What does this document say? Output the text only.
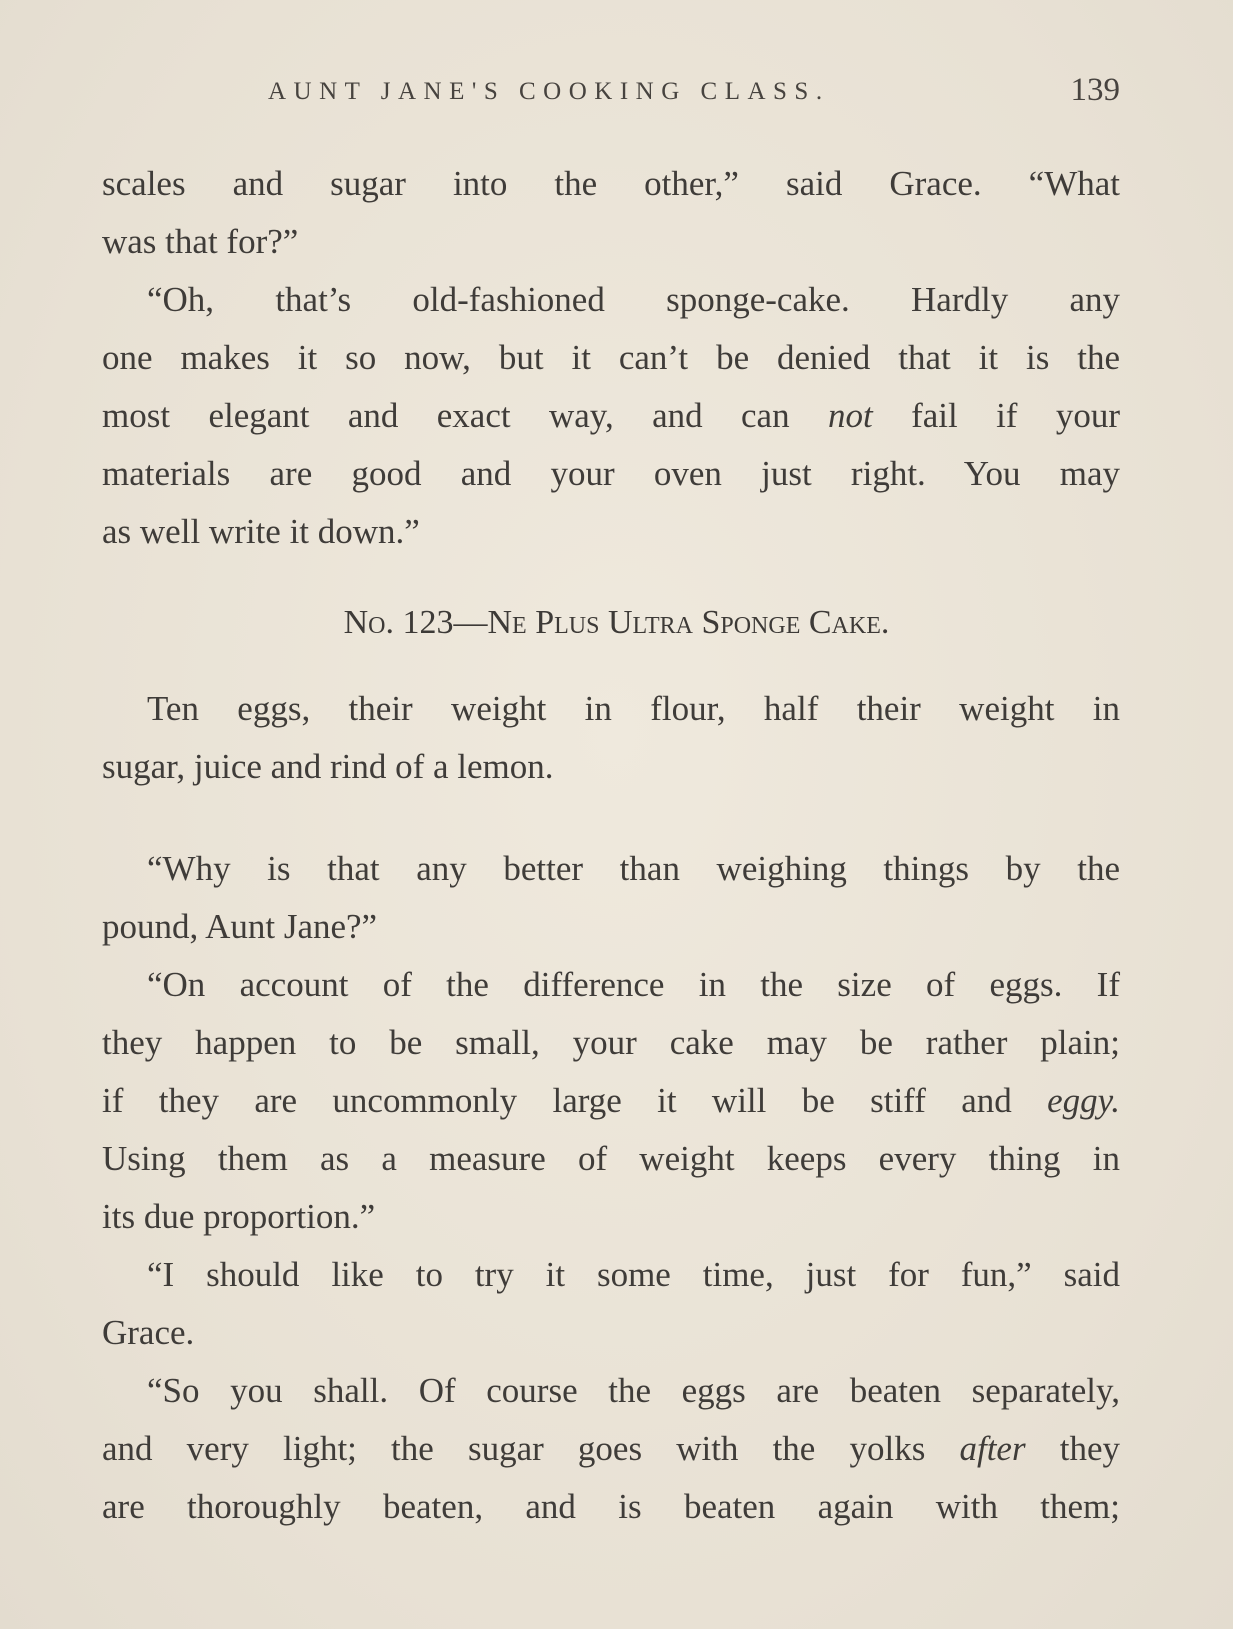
AUNT JANE'S COOKING CLASS.	139
scales and sugar into the other,” said Grace. “What
was that for?”
“Oh, that’s old-fashioned sponge-cake. Hardly any
one makes it so now, but it can’t be denied that it is the
most elegant and exact way, and can not fail if your
materials are good and your oven just right. You may
as well write it down.”
No. 123—Ne Plus Ultra Sponge Cake.
Ten eggs, their weight in flour, half their weight in
sugar, juice and rind of a lemon.
“Why is that any better than weighing things by the
pound, Aunt Jane?”
“On account of the difference in the size of eggs. If
they happen to be small, your cake may be rather plain;
if they are uncommonly large it will be stiff and eggy.
Using them as a measure of weight keeps every thing in
its due proportion.”
“I should like to try it some time, just for fun,” said
Grace.
“So you shall. Of course the eggs are beaten separately,
and very light; the sugar goes with the yolks after they
are thoroughly beaten, and is beaten again with them;
